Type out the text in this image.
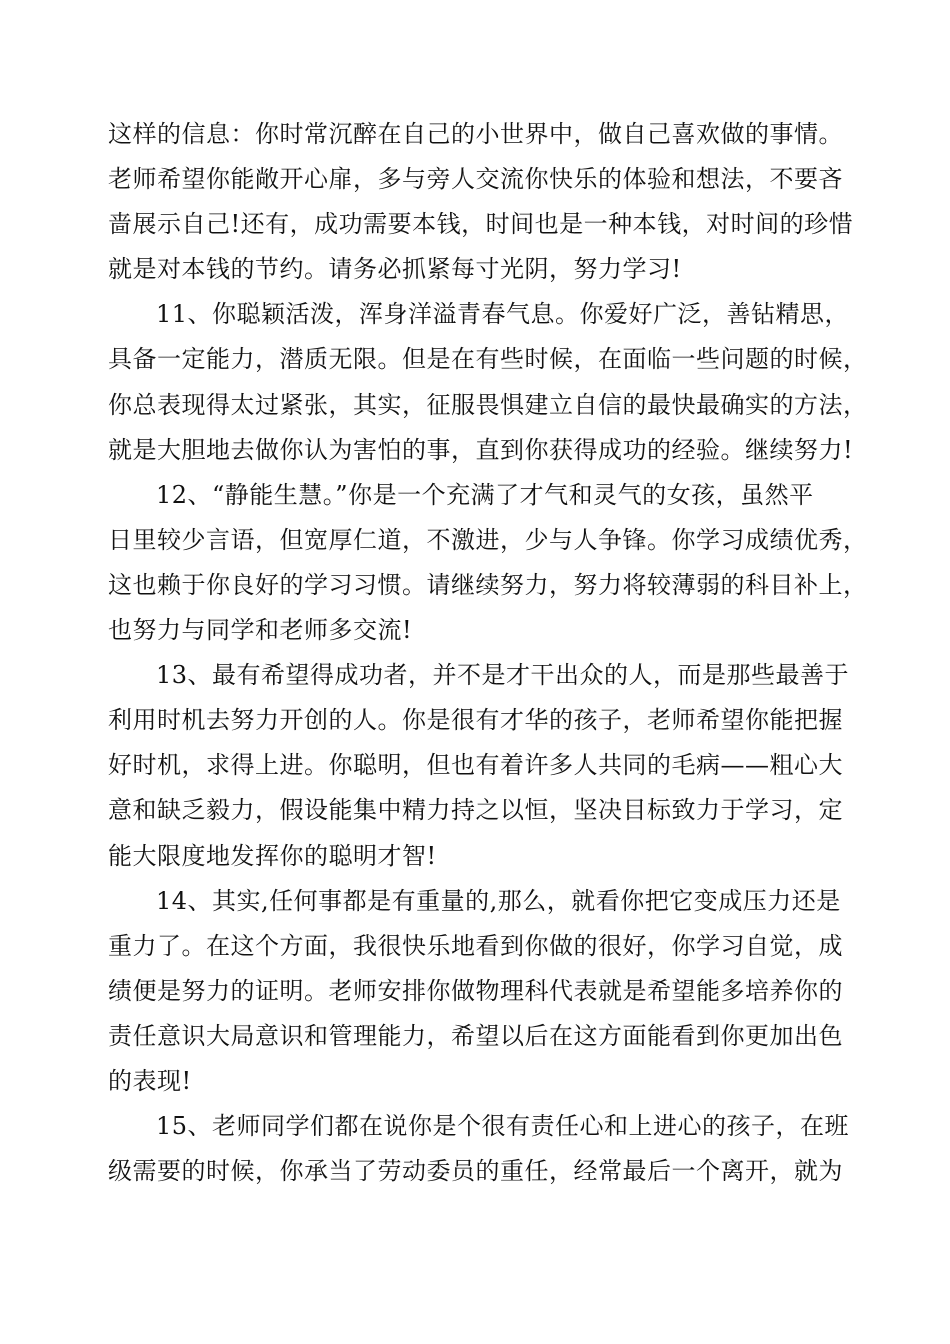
这样的信息：你时常沉醉在自己的小世界中，做自己喜欢做的事情。
老师希望你能敞开心扉，多与旁人交流你快乐的体验和想法，不要吝
啬展示自己!还有，成功需要本钱，时间也是一种本钱，对时间的珍惜
就是对本钱的节约。请务必抓紧每寸光阴，努力学习!

11、你聪颖活泼，浑身洋溢青春气息。你爱好广泛，善钻精思，
具备一定能力，潜质无限。但是在有些时候，在面临一些问题的时候，
你总表现得太过紧张，其实，征服畏惧建立自信的最快最确实的方法，
就是大胆地去做你认为害怕的事，直到你获得成功的经验。继续努力!

12、“静能生慧。”你是一个充满了才气和灵气的女孩，虽然平
日里较少言语，但宽厚仁道，不激进，少与人争锋。你学习成绩优秀，
这也赖于你良好的学习习惯。请继续努力，努力将较薄弱的科目补上，
也努力与同学和老师多交流!

13、最有希望得成功者，并不是才干出众的人，而是那些最善于
利用时机去努力开创的人。你是很有才华的孩子，老师希望你能把握
好时机，求得上进。你聪明，但也有着许多人共同的毛病——粗心大
意和缺乏毅力，假设能集中精力持之以恒，坚决目标致力于学习，定
能大限度地发挥你的聪明才智!

14、其实,任何事都是有重量的,那么，就看你把它变成压力还是
重力了。在这个方面，我很快乐地看到你做的很好，你学习自觉，成
绩便是努力的证明。老师安排你做物理科代表就是希望能多培养你的
责任意识大局意识和管理能力，希望以后在这方面能看到你更加出色
的表现!

15、老师同学们都在说你是个很有责任心和上进心的孩子，在班
级需要的时候，你承当了劳动委员的重任，经常最后一个离开，就为
